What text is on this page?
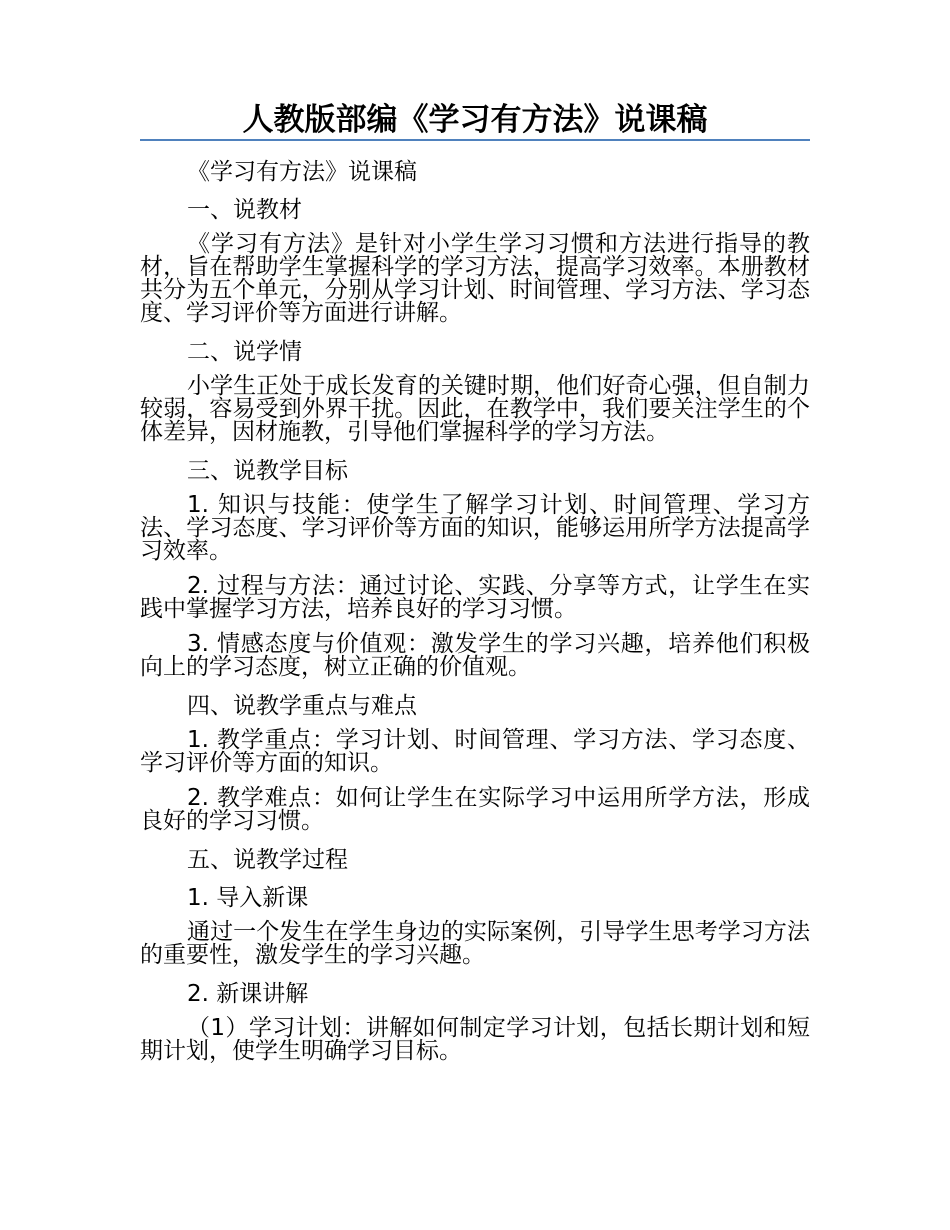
人教版部编《学习有方法》说课稿

《学习有方法》说课稿

一、说教材

《学习有方法》是针对小学生学习习惯和方法进行指导的教材，旨在帮助学生掌握科学的学习方法，提高学习效率。本册教材共分为五个单元，分别从学习计划、时间管理、学习方法、学习态度、学习评价等方面进行讲解。

二、说学情

小学生正处于成长发育的关键时期，他们好奇心强，但自制力较弱，容易受到外界干扰。因此，在教学中，我们要关注学生的个体差异，因材施教，引导他们掌握科学的学习方法。

三、说教学目标

1. 知识与技能：使学生了解学习计划、时间管理、学习方法、学习态度、学习评价等方面的知识，能够运用所学方法提高学习效率。

2. 过程与方法：通过讨论、实践、分享等方式，让学生在实践中掌握学习方法，培养良好的学习习惯。

3. 情感态度与价值观：激发学生的学习兴趣，培养他们积极向上的学习态度，树立正确的价值观。

四、说教学重点与难点

1. 教学重点：学习计划、时间管理、学习方法、学习态度、学习评价等方面的知识。

2. 教学难点：如何让学生在实际学习中运用所学方法，形成良好的学习习惯。

五、说教学过程

1. 导入新课

通过一个发生在学生身边的实际案例，引导学生思考学习方法的重要性，激发学生的学习兴趣。

2. 新课讲解

（1）学习计划：讲解如何制定学习计划，包括长期计划和短期计划，使学生明确学习目标。
